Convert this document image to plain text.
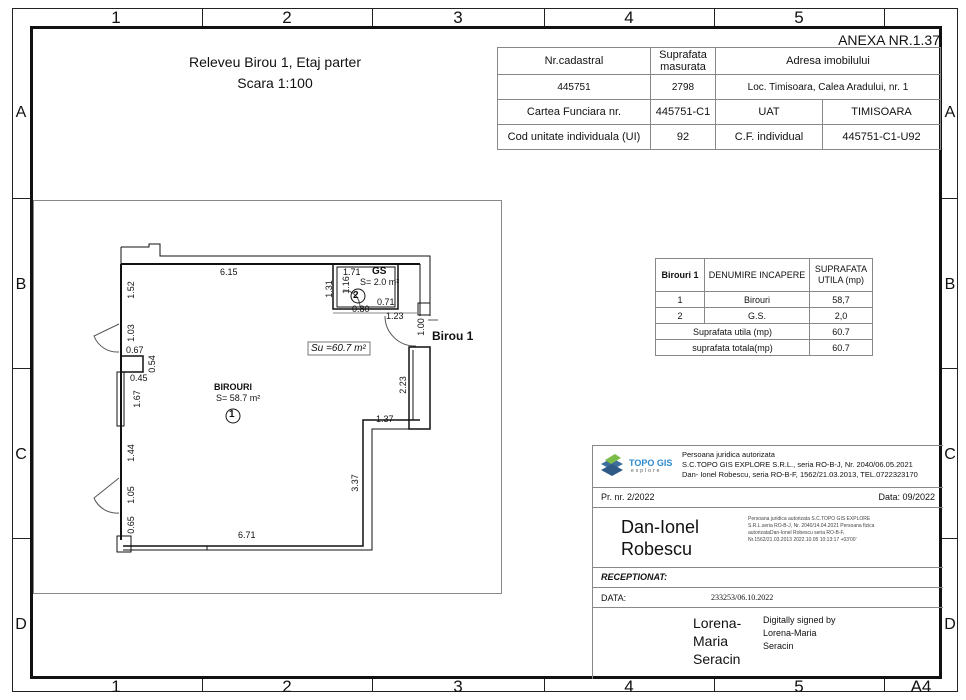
1	2	3	4	5
1	2	3	4	5	A4
A
B
C
D
A
B
C
D
Releveu Birou 1, Etaj parter
Scara 1:100
ANEXA NR.1.37
Nr.cadastral	Suprafata masurata	Adresa imobilului	
445751	2798	Loc. Timisoara, Calea Aradului, nr. 1	
Cartea Funciara nr.	445751-C1	UAT	TIMISOARA
Cod unitate individuala (UI)	92	C.F. individual	445751-C1-U92
Birouri 1	DENUMIRE INCAPERE	SUPRAFATA UTILA (mp)
1	Birouri	58,7
2	G.S.	2,0
Suprafata utila (mp)		60.7
suprafata totala(mp)		60.7
6.15	1.71 GS
S= 2.0 m²
1.31 1.16
2
0.71
0.80
1.23
1.00
Birou 1
Su =60.7 m²
2.23
1.37
3.37
6.71
BIROURI
S= 58.7 m²
1
1.52
1.03
0.67
0.54
0.45
1.67
1.44
1.05
0.65
TOPO GIS
explore
Persoana juridica autorizata
S.C.TOPO GIS EXPLORE S.R.L., seria RO-B-J, Nr. 2040/06.05.2021
Dan- Ionel Robescu, seria RO-B-F, 1562/21.03.2013, TEL.0722323170
Pr. nr. 2/2022	Data: 09/2022
Dan-Ionel Robescu
Persoana juridica autorizata S.C.TOPO GIS EXPLORE S.R.L.seria RO-B-J, Nr. 2040/14.04.2021 Persoana fizica autorizataDan-Ionel Robescu seria RO-B-F, Nr.1562/21.03.2013 2022.10.05 10:13:17 +03'00'
RECEPTIONAT:
DATA:	233253/06.10.2022
Lorena-Maria Seracin
Digitally signed by Lorena-Maria Seracin
